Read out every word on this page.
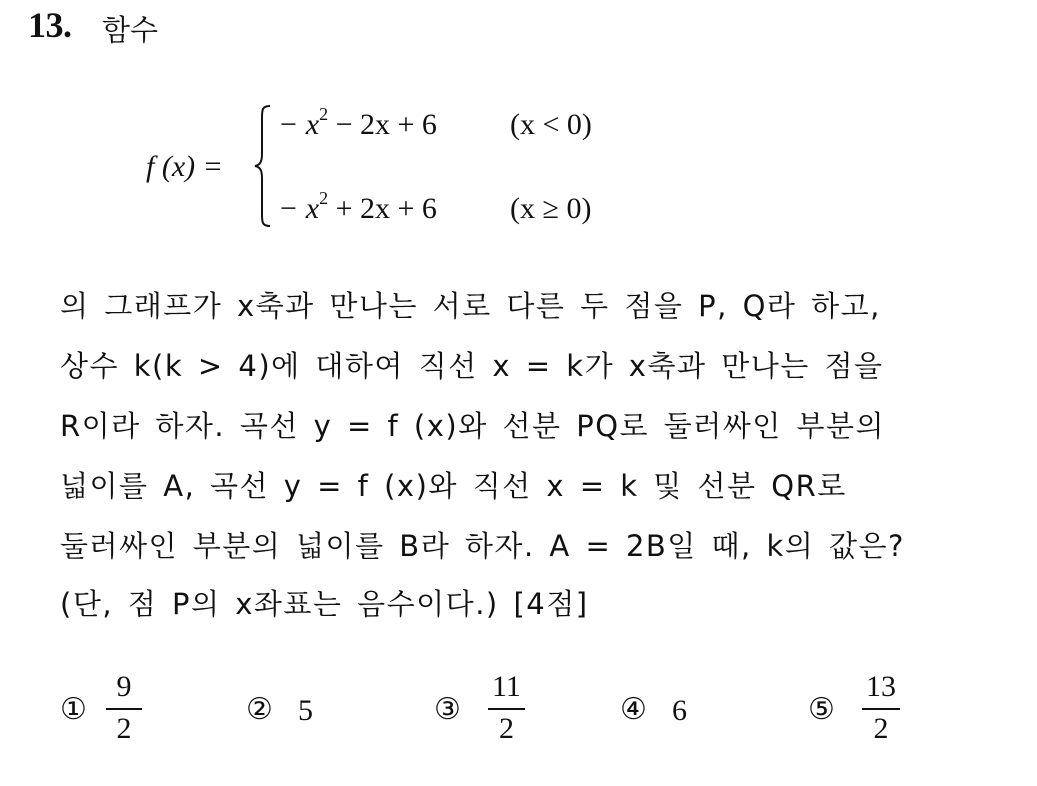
13. 함수
f (x) =
− $x^2 - 2x + 6$ (x < 0)
− $x^2 + 2x + 6$ (x ≥ 0)
의 그래프가 x축과 만나는 서로 다른 두 점을 P, Q라 하고,
상수 k(k > 4)에 대하여 직선 x = k가 x축과 만나는 점을
R이라 하자. 곡선 y = f (x)와 선분 PQ로 둘러싸인 부분의
넓이를 A, 곡선 y = f (x)와 직선 x = k 및 선분 QR로
둘러싸인 부분의 넓이를 B라 하자. A = 2B일 때, k의 값은?
(단, 점 P의 x좌표는 음수이다.) [4점]
①
9
2
② 5	③
11
2
④ 6	⑤
13
2
